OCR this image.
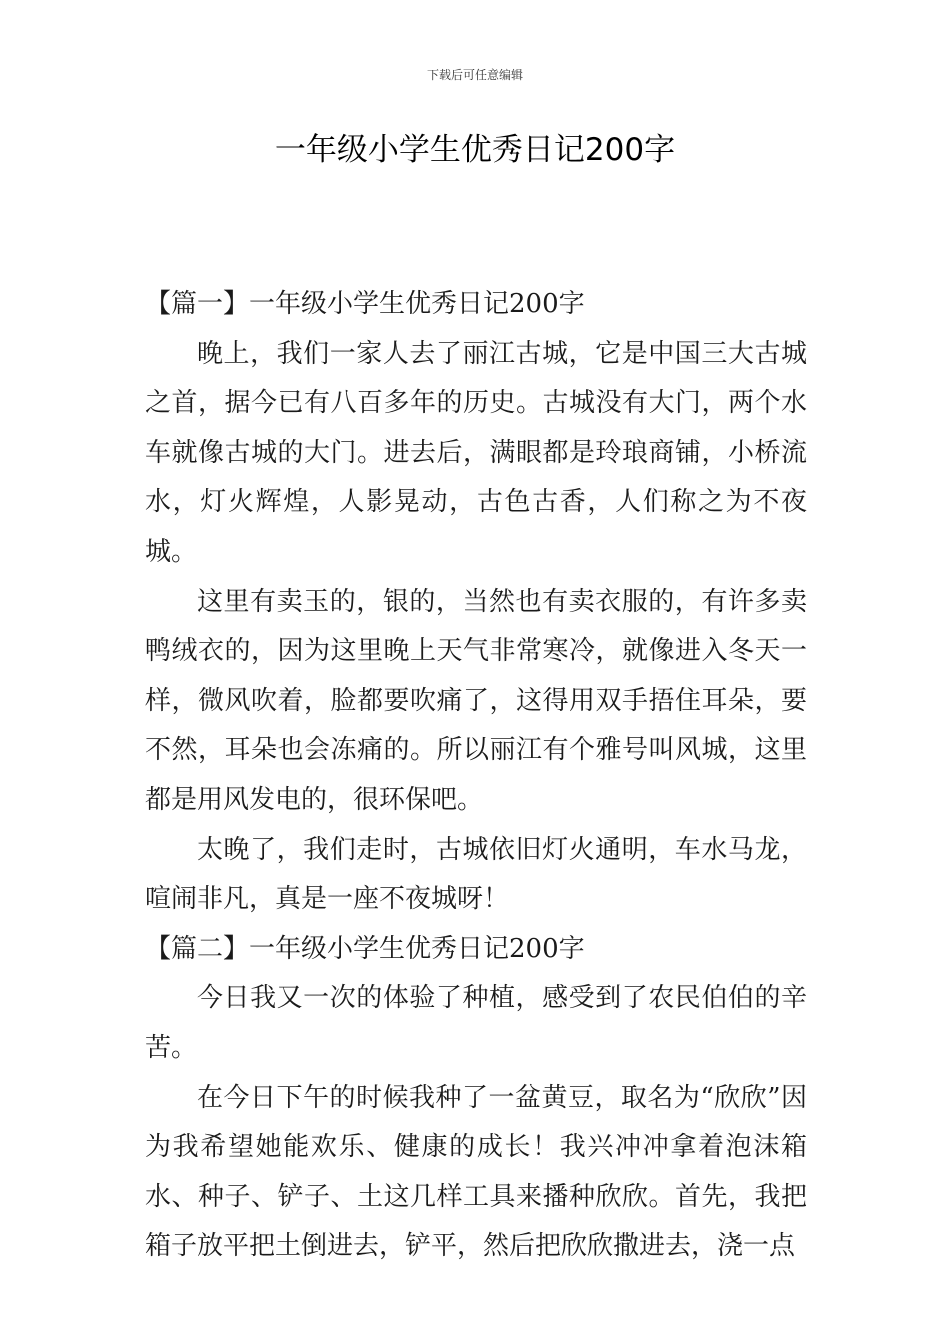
下载后可任意编辑
一年级小学生优秀日记200字

【篇一】一年级小学生优秀日记200字

晚上，我们一家人去了丽江古城，它是中国三大古城之首，据今已有八百多年的历史。古城没有大门，两个水车就像古城的大门。进去后，满眼都是玲琅商铺，小桥流水，灯火辉煌，人影晃动，古色古香，人们称之为不夜城。

这里有卖玉的，银的，当然也有卖衣服的，有许多卖鸭绒衣的，因为这里晚上天气非常寒冷，就像进入冬天一样，微风吹着，脸都要吹痛了，这得用双手捂住耳朵，要不然，耳朵也会冻痛的。所以丽江有个雅号叫风城，这里都是用风发电的，很环保吧。

太晚了，我们走时，古城依旧灯火通明，车水马龙，喧闹非凡，真是一座不夜城呀！

【篇二】一年级小学生优秀日记200字

今日我又一次的体验了种植，感受到了农民伯伯的辛苦。

在今日下午的时候我种了一盆黄豆，取名为“欣欣”因为我希望她能欢乐、健康的成长！我兴冲冲拿着泡沫箱水、种子、铲子、土这几样工具来播种欣欣。首先，我把箱子放平把土倒进去，铲平，然后把欣欣撒进去，浇一点
